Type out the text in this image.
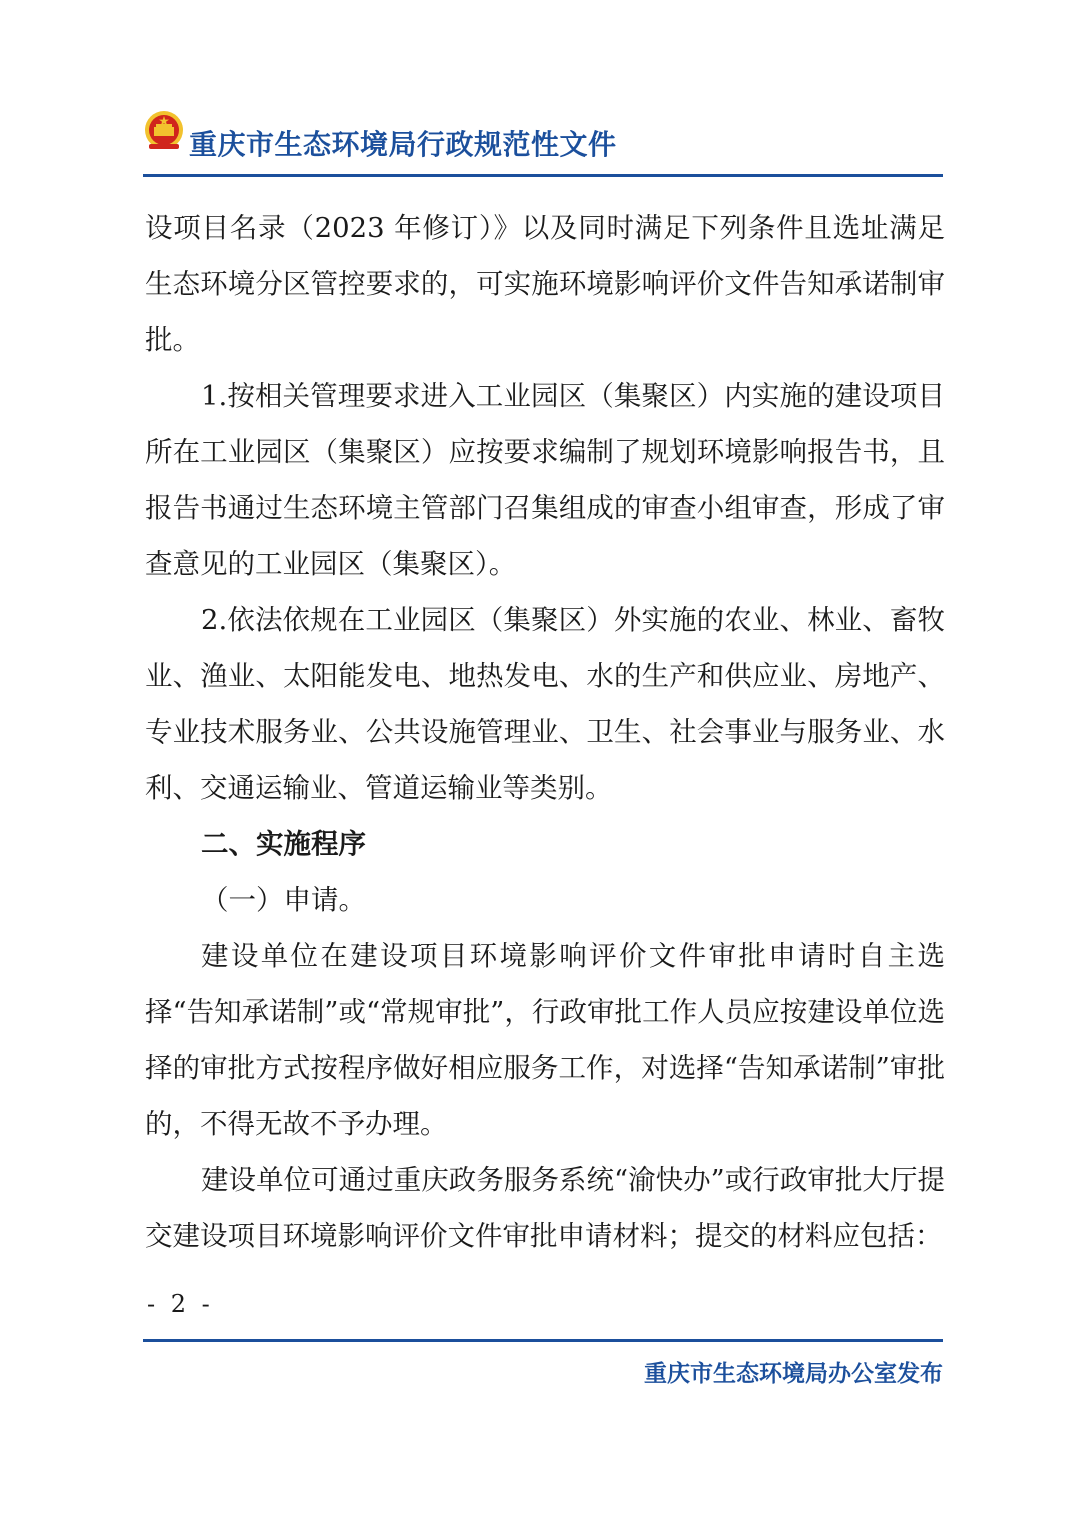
重庆市生态环境局行政规范性文件

设项目名录（2023 年修订）》以及同时满足下列条件且选址满足生态环境分区管控要求的，可实施环境影响评价文件告知承诺制审批。

1.按相关管理要求进入工业园区（集聚区）内实施的建设项目所在工业园区（集聚区）应按要求编制了规划环境影响报告书，且报告书通过生态环境主管部门召集组成的审查小组审查，形成了审查意见的工业园区（集聚区）。

2.依法依规在工业园区（集聚区）外实施的农业、林业、畜牧业、渔业、太阳能发电、地热发电、水的生产和供应业、房地产、专业技术服务业、公共设施管理业、卫生、社会事业与服务业、水利、交通运输业、管道运输业等类别。

二、实施程序

（一）申请。

建设单位在建设项目环境影响评价文件审批申请时自主选择“告知承诺制”或“常规审批”，行政审批工作人员应按建设单位选择的审批方式按程序做好相应服务工作，对选择“告知承诺制”审批的，不得无故不予办理。

建设单位可通过重庆政务服务系统“渝快办”或行政审批大厅提交建设项目环境影响评价文件审批申请材料；提交的材料应包括：

- 2 -
重庆市生态环境局办公室发布
